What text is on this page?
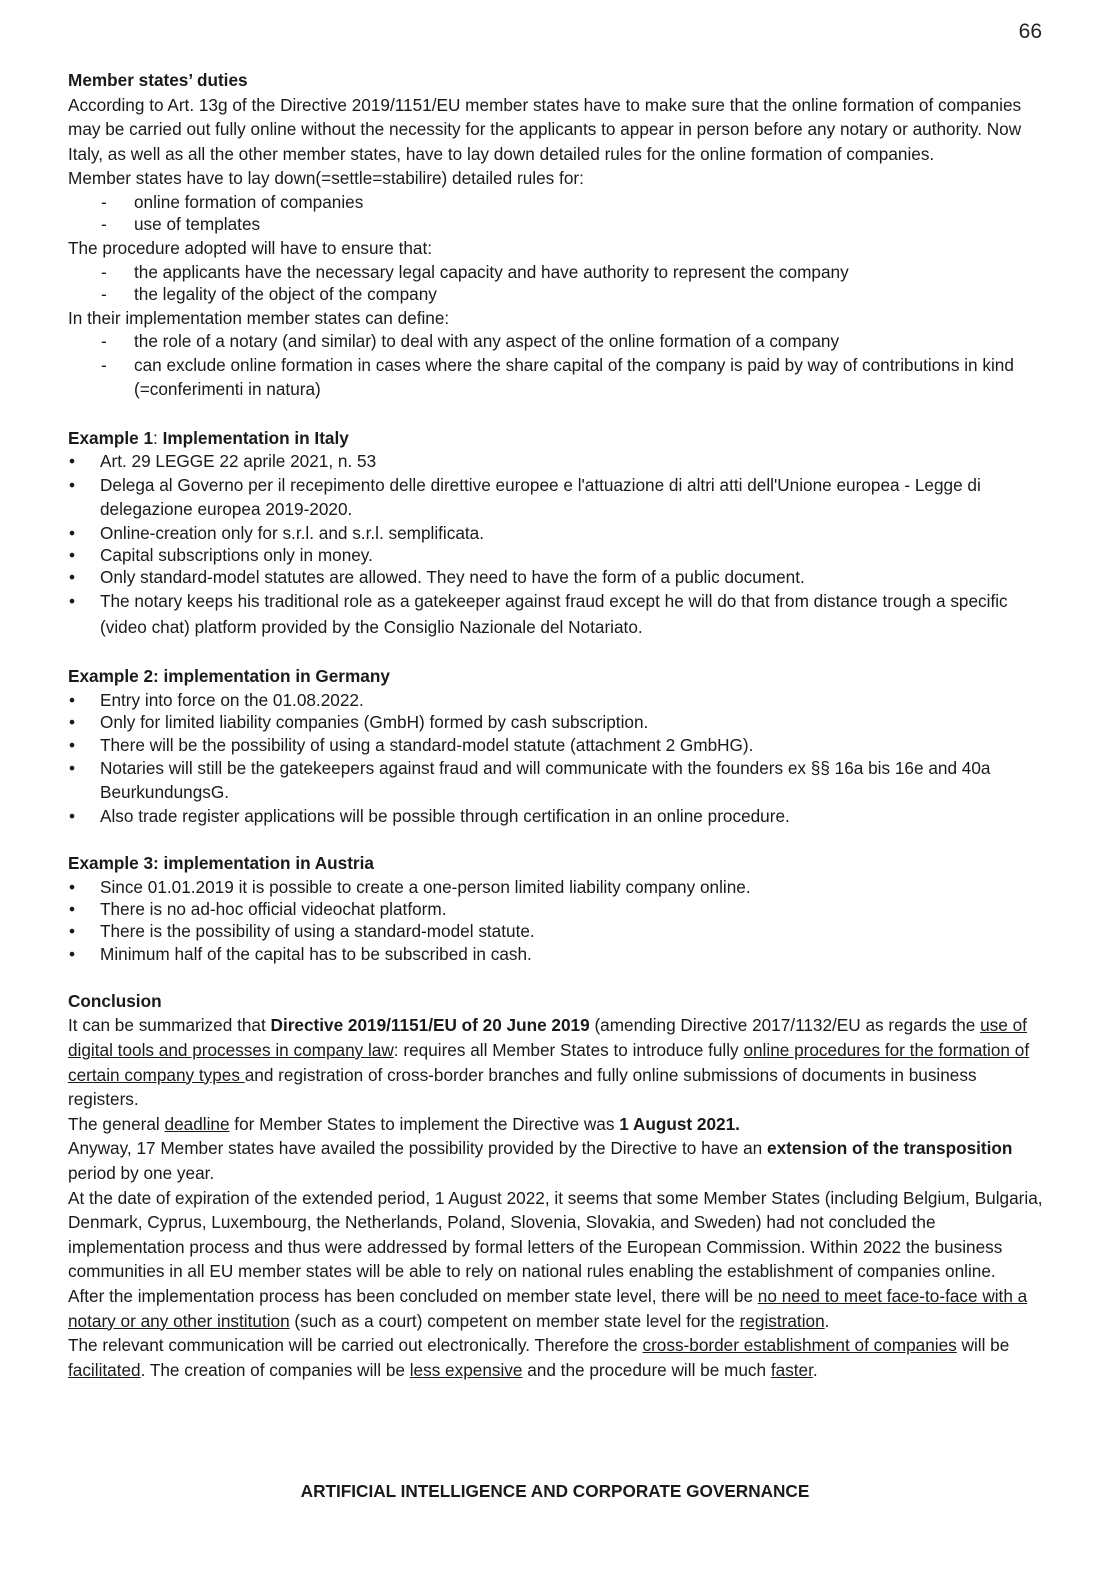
66

Member states’ duties

According to Art. 13g of the Directive 2019/1151/EU member states have to make sure that the online formation of companies may be carried out fully online without the necessity for the applicants to appear in person before any notary or authority. Now Italy, as well as all the other member states, have to lay down detailed rules for the online formation of companies.

Member states have to lay down(=settle=stabilire) detailed rules for:

- online formation of companies
- use of templates

The procedure adopted will have to ensure that:

- the applicants have the necessary legal capacity and have authority to represent the company
- the legality of the object of the company

In their implementation member states can define:

- the role of a notary (and similar) to deal with any aspect of the online formation of a company
- can exclude online formation in cases where the share capital of the company is paid by way of contributions in kind (=conferimenti in natura)

Example 1: Implementation in Italy

• Art. 29 LEGGE 22 aprile 2021, n. 53
• Delega al Governo per il recepimento delle direttive europee e l'attuazione di altri atti dell'Unione europea - Legge di delegazione europea 2019-2020.
• Online-creation only for s.r.l. and s.r.l. semplificata.
• Capital subscriptions only in money.
• Only standard-model statutes are allowed. They need to have the form of a public document.
• The notary keeps his traditional role as a gatekeeper against fraud except he will do that from distance trough a specific (video chat) platform provided by the Consiglio Nazionale del Notariato.

Example 2: implementation in Germany

• Entry into force on the 01.08.2022.
• Only for limited liability companies (GmbH) formed by cash subscription.
• There will be the possibility of using a standard-model statute (attachment 2 GmbHG).
• Notaries will still be the gatekeepers against fraud and will communicate with the founders ex §§ 16a bis 16e and 40a BeurkundungsG.
• Also trade register applications will be possible through certification in an online procedure.

Example 3: implementation in Austria

• Since 01.01.2019 it is possible to create a one-person limited liability company online.
• There is no ad-hoc official videochat platform.
• There is the possibility of using a standard-model statute.
• Minimum half of the capital has to be subscribed in cash.

Conclusion

It can be summarized that Directive 2019/1151/EU of 20 June 2019 (amending Directive 2017/1132/EU as regards the use of digital tools and processes in company law: requires all Member States to introduce fully online procedures for the formation of certain company types and registration of cross-border branches and fully online submissions of documents in business registers.

The general deadline for Member States to implement the Directive was 1 August 2021.

Anyway, 17 Member states have availed the possibility provided by the Directive to have an extension of the transposition period by one year.

At the date of expiration of the extended period, 1 August 2022, it seems that some Member States (including Belgium, Bulgaria, Denmark, Cyprus, Luxembourg, the Netherlands, Poland, Slovenia, Slovakia, and Sweden) had not concluded the implementation process and thus were addressed by formal letters of the European Commission. Within 2022 the business communities in all EU member states will be able to rely on national rules enabling the establishment of companies online.

After the implementation process has been concluded on member state level, there will be no need to meet face-to-face with a notary or any other institution (such as a court) competent on member state level for the registration.

The relevant communication will be carried out electronically. Therefore the cross-border establishment of companies will be facilitated. The creation of companies will be less expensive and the procedure will be much faster.

ARTIFICIAL INTELLIGENCE AND CORPORATE GOVERNANCE
